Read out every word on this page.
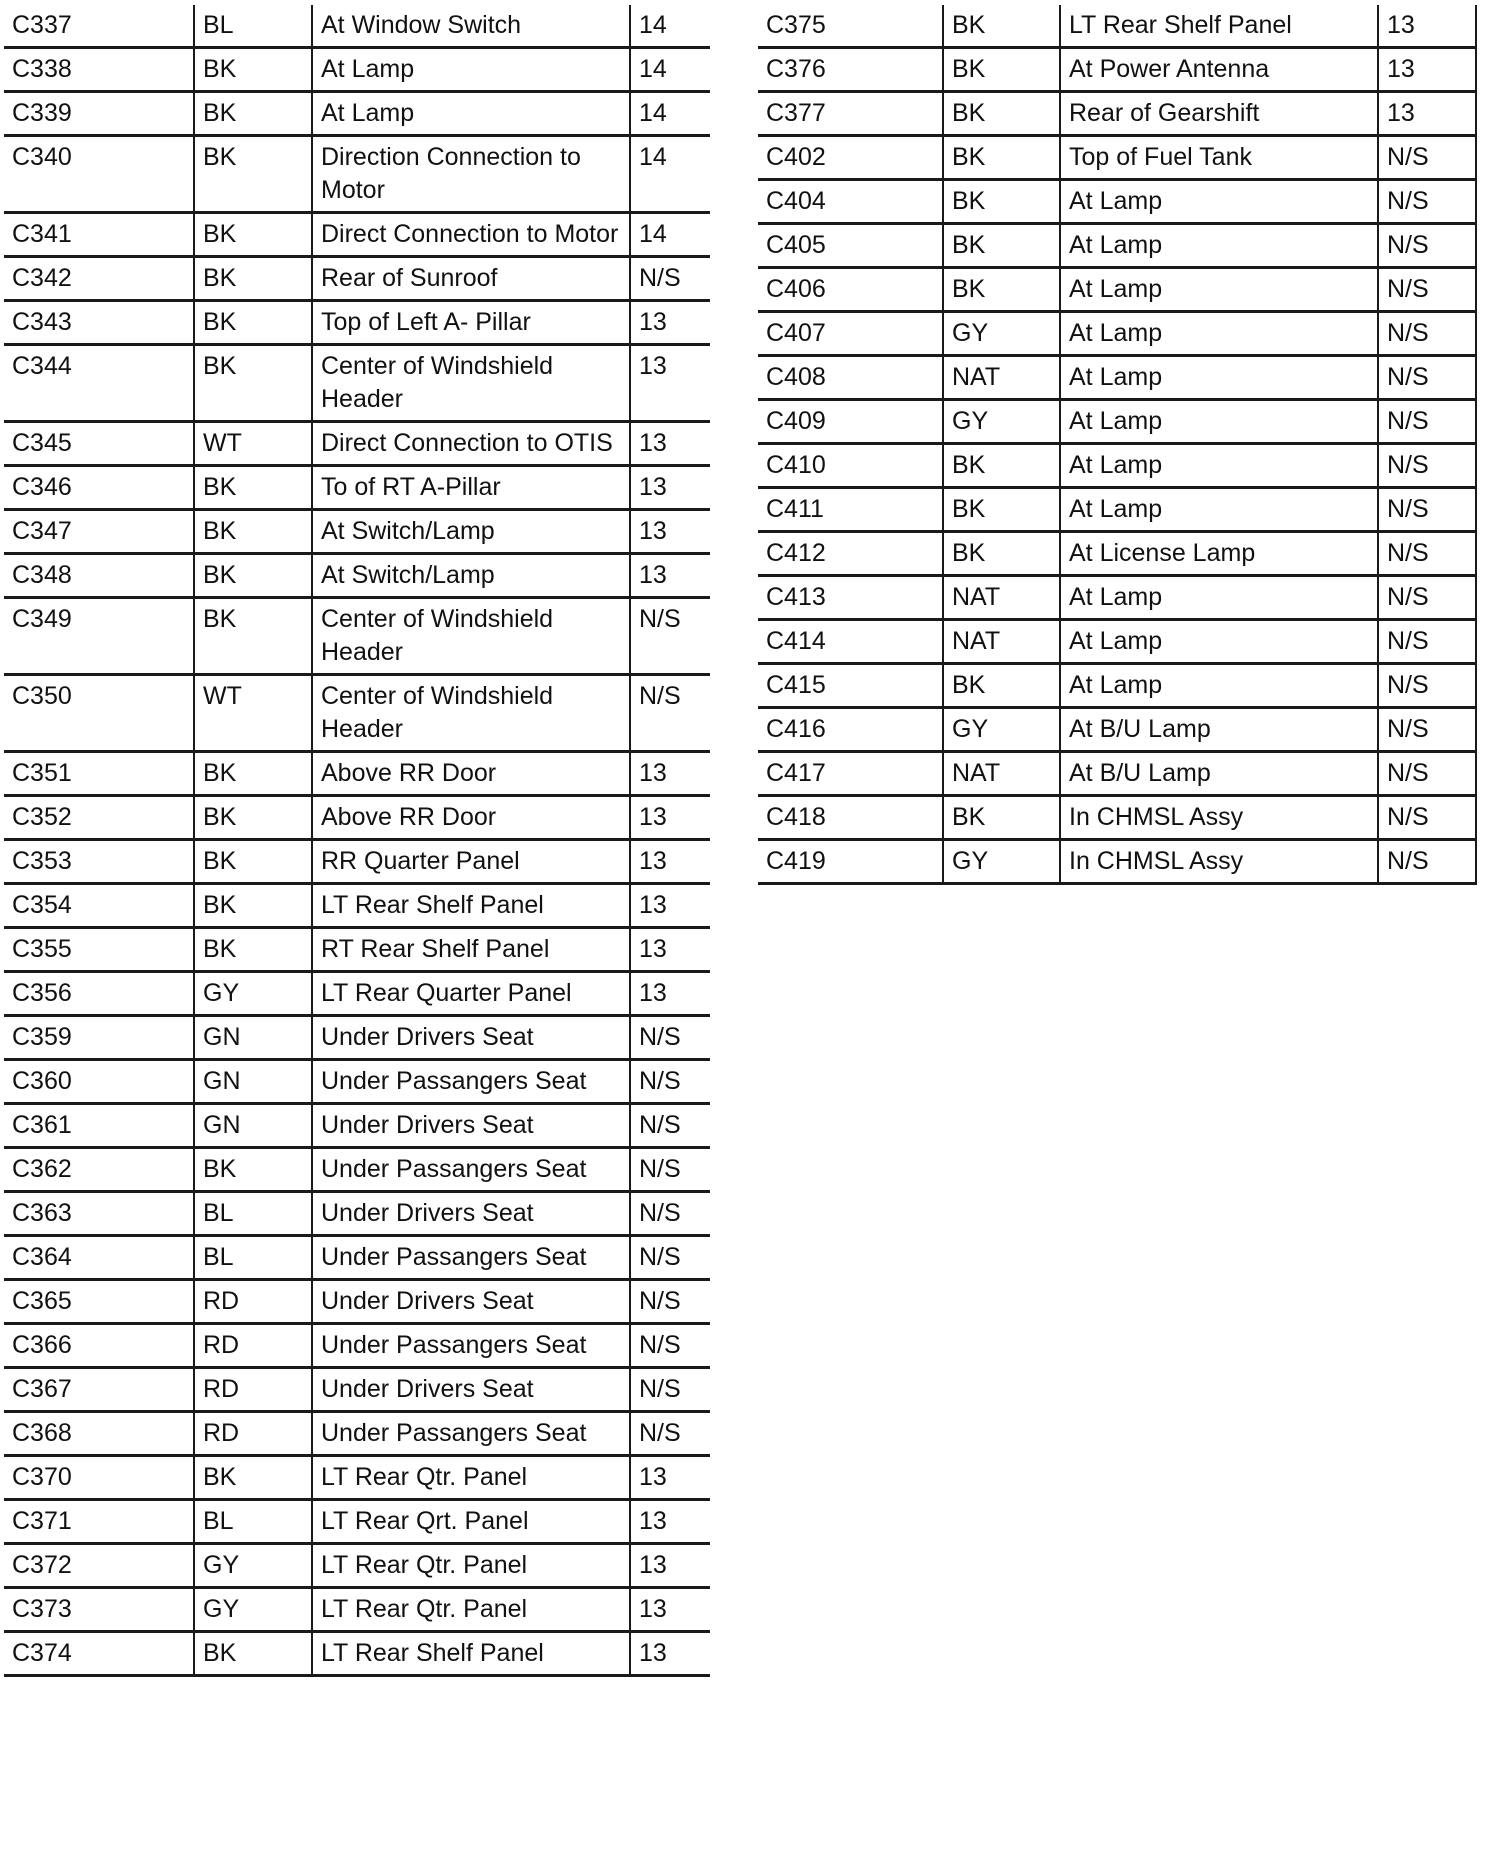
C337	BL	At Window Switch	14
C338	BK	At Lamp	14
C339	BK	At Lamp	14
C340	BK	Direction Connection to Motor	14
C341	BK	Direct Connection to Motor	14
C342	BK	Rear of Sunroof	N/S
C343	BK	Top of Left A- Pillar	13
C344	BK	Center of Windshield Header	13
C345	WT	Direct Connection to OTIS	13
C346	BK	To of RT A-Pillar	13
C347	BK	At Switch/Lamp	13
C348	BK	At Switch/Lamp	13
C349	BK	Center of Windshield Header	N/S
C350	WT	Center of Windshield Header	N/S
C351	BK	Above RR Door	13
C352	BK	Above RR Door	13
C353	BK	RR Quarter Panel	13
C354	BK	LT Rear Shelf Panel	13
C355	BK	RT Rear Shelf Panel	13
C356	GY	LT Rear Quarter Panel	13
C359	GN	Under Drivers Seat	N/S
C360	GN	Under Passangers Seat	N/S
C361	GN	Under Drivers Seat	N/S
C362	BK	Under Passangers Seat	N/S
C363	BL	Under Drivers Seat	N/S
C364	BL	Under Passangers Seat	N/S
C365	RD	Under Drivers Seat	N/S
C366	RD	Under Passangers Seat	N/S
C367	RD	Under Drivers Seat	N/S
C368	RD	Under Passangers Seat	N/S
C370	BK	LT Rear Qtr. Panel	13
C371	BL	LT Rear Qrt. Panel	13
C372	GY	LT Rear Qtr. Panel	13
C373	GY	LT Rear Qtr. Panel	13
C374	BK	LT Rear Shelf Panel	13
C375	BK	LT Rear Shelf Panel	13
C376	BK	At Power Antenna	13
C377	BK	Rear of Gearshift	13
C402	BK	Top of Fuel Tank	N/S
C404	BK	At Lamp	N/S
C405	BK	At Lamp	N/S
C406	BK	At Lamp	N/S
C407	GY	At Lamp	N/S
C408	NAT	At Lamp	N/S
C409	GY	At Lamp	N/S
C410	BK	At Lamp	N/S
C411	BK	At Lamp	N/S
C412	BK	At License Lamp	N/S
C413	NAT	At Lamp	N/S
C414	NAT	At Lamp	N/S
C415	BK	At Lamp	N/S
C416	GY	At B/U Lamp	N/S
C417	NAT	At B/U Lamp	N/S
C418	BK	In CHMSL Assy	N/S
C419	GY	In CHMSL Assy	N/S
